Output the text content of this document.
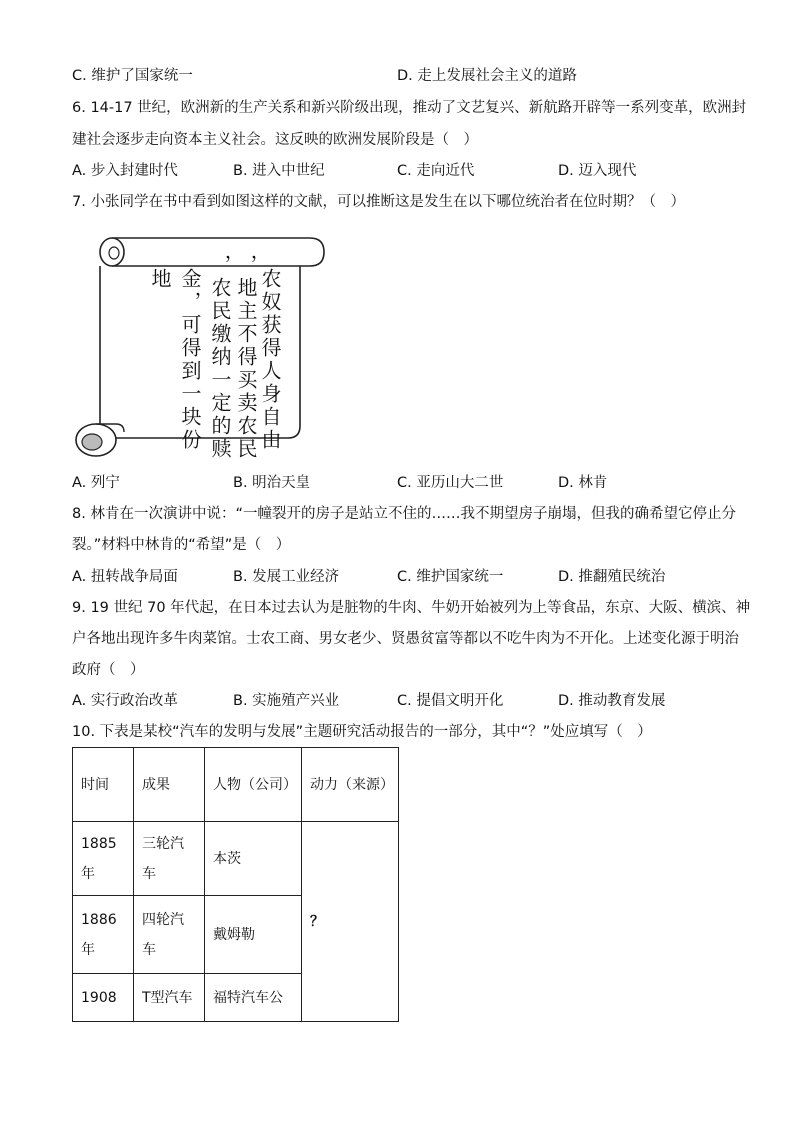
C. 维护了国家统一	D. 走上发展社会主义的道路
6. 14-17 世纪，欧洲新的生产关系和新兴阶级出现，推动了文艺复兴、新航路开辟等一系列变革，欧洲封
建社会逐步走向资本主义社会。这反映的欧洲发展阶段是（　）
A. 步入封建时代	B. 进入中世纪	C. 走向近代	D. 迈入现代
7. 小张同学在书中看到如图这样的文献，可以推断这是发生在以下哪位统治者在位时期？（　）
农奴获得人身自由
，地主不得买卖农民
，农民缴纳一定的赎
金，可得到一块份
地
A. 列宁	B. 明治天皇	C. 亚历山大二世	D. 林肯
8. 林肯在一次演讲中说：“一幢裂开的房子是站立不住的……我不期望房子崩塌，但我的确希望它停止分
裂。”材料中林肯的“希望”是（　）
A. 扭转战争局面	B. 发展工业经济	C. 维护国家统一	D. 推翻殖民统治
9. 19 世纪 70 年代起，在日本过去认为是脏物的牛肉、牛奶开始被列为上等食品，东京、大阪、横滨、神
户各地出现许多牛肉菜馆。士农工商、男女老少、贤愚贫富等都以不吃牛肉为不开化。上述变化源于明治
政府（　）
A. 实行政治改革	B. 实施殖产兴业	C. 提倡文明开化	D. 推动教育发展
10. 下表是某校“汽车的发明与发展”主题研究活动报告的一部分，其中“？”处应填写（　）
时间	成果	人物（公司）	动力（来源）
1885年	三轮汽车	本茨	？
1886年	四轮汽车	戴姆勒	
1908	T型汽车	福特汽车公	
